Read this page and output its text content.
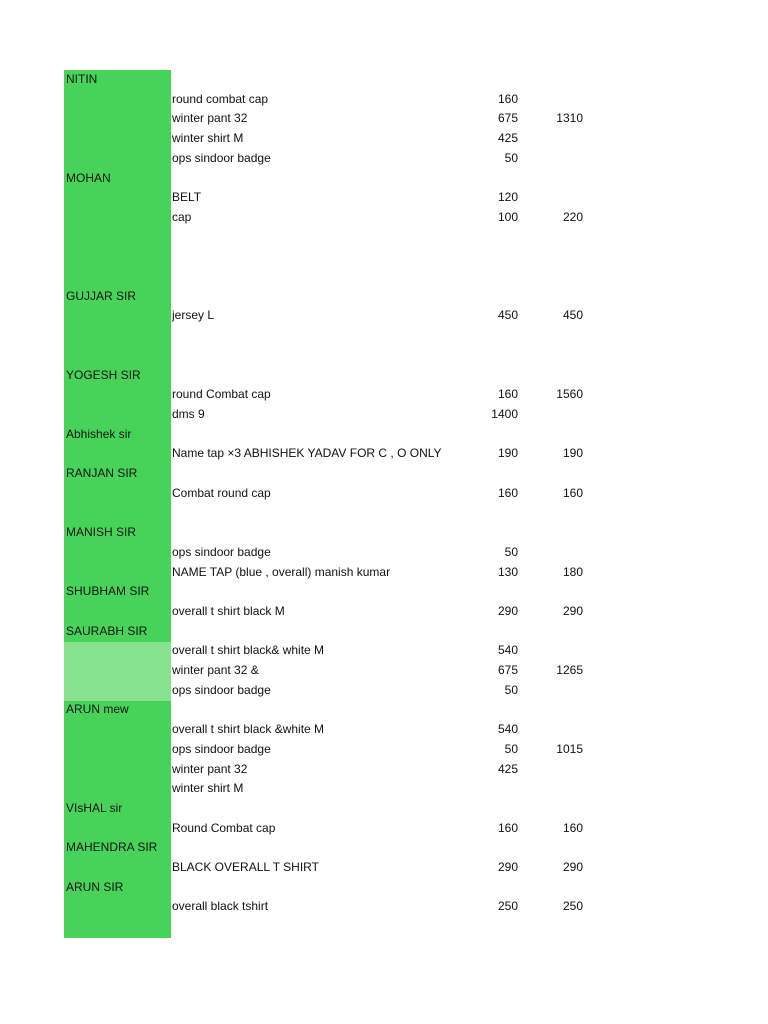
NITIN
round combat cap	160
winter pant 32	675	1310
winter shirt M	425
ops sindoor badge	50
MOHAN
BELT	120
cap	100	220
GUJJAR SIR
jersey L	450	450
YOGESH SIR
round Combat cap	160	1560
dms 9	1400
Abhishek sir
Name tap ×3 ABHISHEK YADAV FOR C , O ONLY	190	190
RANJAN SIR
Combat round cap	160	160
MANISH SIR
ops sindoor badge	50
NAME TAP (blue , overall) manish kumar	130	180
SHUBHAM SIR
overall t shirt black M	290	290
SAURABH SIR
overall t shirt black& white M	540
winter pant 32 &	675	1265
ops sindoor badge	50
ARUN mew
overall t shirt black &white M	540
ops sindoor badge	50	1015
winter pant 32	425
winter shirt M
VIsHAL sir
Round Combat cap	160	160
MAHENDRA SIR
BLACK OVERALL T SHIRT	290	290
ARUN SIR
overall black tshirt	250	250
